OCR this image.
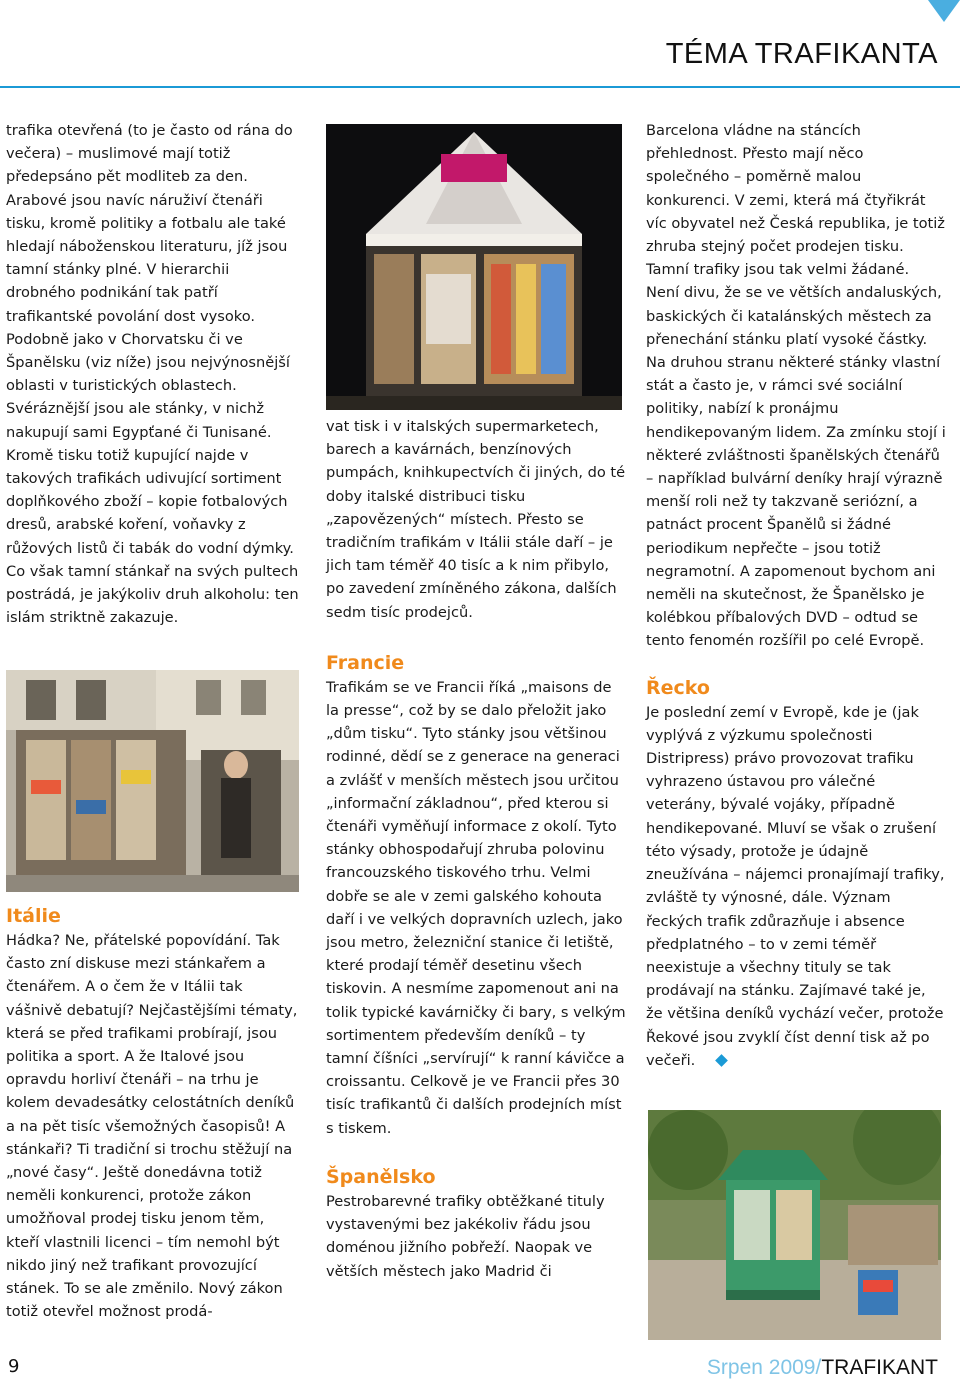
TÉMA TRAFIKANTA

trafika otevřená (to je často od rána do večera) – muslimové mají totiž předepsáno pět modliteb za den. Arabové jsou navíc náruživí čtenáři tisku, kromě politiky a fotbalu ale také hledají náboženskou literaturu, jíž jsou tamní stánky plné. V hierarchii drobného podnikání tak patří trafikantské povolání dost vysoko. Podobně jako v Chorvatsku či ve Španělsku (viz níže) jsou nejvýnosnější oblasti v turistických oblastech. Svéráznější jsou ale stánky, v nichž nakupují sami Egypťané či Tunisané. Kromě tisku totiž kupující najde v takových trafikách udivující sortiment doplňkového zboží – kopie fotbalových dresů, arabské koření, voňavky z růžových listů či tabák do vodní dýmky. Co však tamní stánkař na svých pultech postrádá, je jakýkoliv druh alkoholu: ten islám striktně zakazuje.

Itálie

Hádka? Ne, přátelské popovídání. Tak často zní diskuse mezi stánkařem a čtenářem. A o čem že v Itálii tak vášnivě debatují? Nejčastějšími tématy, která se před trafikami probírají, jsou politika a sport. A že Italové jsou opravdu horliví čtenáři – na trhu je kolem devadesátky celostátních deníků a na pět tisíc všemožných časopisů! A stánkaři? Ti tradiční si trochu stěžují na „nové časy“. Ještě donedávna totiž neměli konkurenci, protože zákon umožňoval prodej tisku jenom těm, kteří vlastnili licenci – tím nemohl být nikdo jiný než trafikant provozující stánek. To se ale změnilo. Nový zákon totiž otevřel možnost prodá-

vat tisk i v italských supermarketech, barech a kavárnách, benzínových pumpách, knihkupectvích či jiných, do té doby italské distribuci tisku „zapovězených“ místech. Přesto se tradičním trafikám v Itálii stále daří – je jich tam téměř 40 tisíc a k nim přibylo, po zavedení zmíněného zákona, dalších sedm tisíc prodejců.

Francie

Trafikám se ve Francii říká „maisons de la presse“, což by se dalo přeložit jako „dům tisku“. Tyto stánky jsou většinou rodinné, dědí se z generace na generaci a zvlášť v menších městech jsou určitou „informační základnou“, před kterou si čtenáři vyměňují informace z okolí. Tyto stánky obhospodařují zhruba polovinu francouzského tiskového trhu. Velmi dobře se ale v zemi galského kohouta daří i ve velkých dopravních uzlech, jako jsou metro, železniční stanice či letiště, které prodají téměř desetinu všech tiskovin. A nesmíme zapomenout ani na tolik typické kavárničky či bary, s velkým sortimentem především deníků – ty tamní číšníci „servírují“ k ranní kávičce a croissantu. Celkově je ve Francii přes 30 tisíc trafikantů či dalších prodejních míst s tiskem.

Španělsko

Pestrobarevné trafiky obtěžkané tituly vystavenými bez jakékoliv řádu jsou doménou jižního pobřeží. Naopak ve větších městech jako Madrid či

Barcelona vládne na stáncích přehlednost. Přesto mají něco společného – poměrně malou konkurenci. V zemi, která má čtyřikrát víc obyvatel než Česká republika, je totiž zhruba stejný počet prodejen tisku. Tamní trafiky jsou tak velmi žádané. Není divu, že se ve větších andaluských, baskických či katalánských městech za přenechání stánku platí vysoké částky. Na druhou stranu některé stánky vlastní stát a často je, v rámci své sociální politiky, nabízí k pronájmu hendikepovaným lidem. Za zmínku stojí i některé zvláštnosti španělských čtenářů – například bulvární deníky hrají výrazně menší roli než ty takzvaně seriózní, a patnáct procent Španělů si žádné periodikum nepřečte – jsou totiž negramotní. A zapomenout bychom ani neměli na skutečnost, že Španělsko je kolébkou příbalových DVD – odtud se tento fenomén rozšířil po celé Evropě.

Řecko

Je poslední zemí v Evropě, kde je (jak vyplývá z výzkumu společnosti Distripress) právo provozovat trafiku vyhrazeno ústavou pro válečné veterány, bývalé vojáky, případně hendikepované. Mluví se však o zrušení této výsady, protože je údajně zneužívána – nájemci pronajímají trafiky, zvláště ty výnosné, dále. Význam řeckých trafik zdůrazňuje i absence předplatného – to v zemi téměř neexistuje a všechny tituly se tak prodávají na stánku. Zajímavé také je, že většina deníků vychází večer, protože Řekové jsou zvyklí číst denní tisk až po večeři.

9	Srpen 2009/TRAFIKANT
